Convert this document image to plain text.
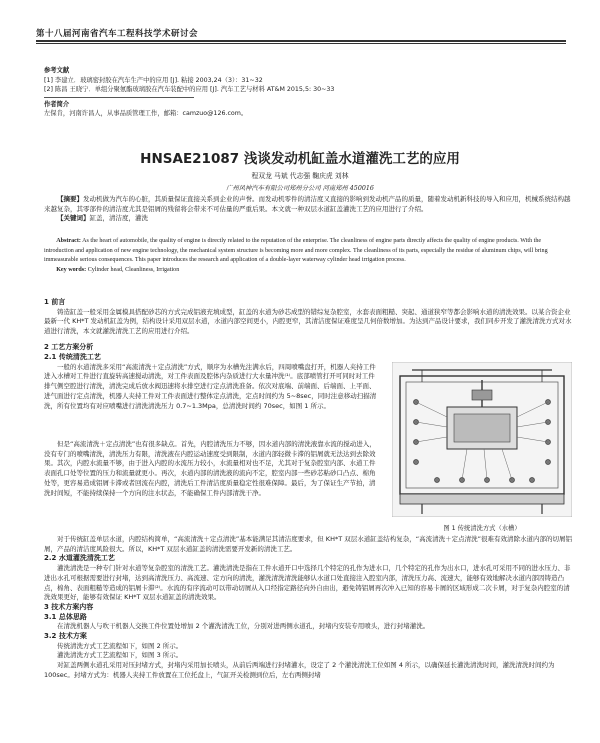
第十八届河南省汽车工程科技学术研讨会
参考文献
[1] 李建立．玻璃密封胶在汽车生产中的应用 [J]. 粘接 2003,24（3）：31~32
[2] 陈昌 王晓宁．单组分聚氨酯玻璃胶在汽车装配中的应用 [J]. 汽车工艺与材料 AT&M 2015,5: 30~33
作者简介
左保肯，河南许昌人，从事品质管理工作，邮箱：camzuo@126.com。
HNSAE21087 浅谈发动机缸盖水道灌洗工艺的应用
程双龙 马斌 代志强 鞠庆虎 刘林
广州风神汽车有限公司郑州分公司 河南郑州 450016

【摘要】发动机做为汽车的心脏，其质量保证直接关系到企业的声誉。而发动机零件的清洁度又直接的影响到发动机产品的质量，随着发动机新科技的导入和应用，机械系统结构越来越复杂，其零部件的清洁度尤其是铝屑的残留将会带来不可估量的严重后果。本文就一种双层水道缸盖灌洗工艺的应用进行了介绍。

【关键词】缸盖，清洁度，灌洗

Abstract: As the heart of automobile, the quality of engine is directly related to the reputation of the enterprise. The cleanliness of engine parts directly affects the quality of engine products. With the introduction and application of new engine technology, the mechanical system structure is becoming more and more complex. The cleanliness of its parts, especially the residue of aluminum chips, will bring immeasurable serious consequences. This paper introduces the research and application of a double-layer waterway cylinder head irrigation process.

Key words: Cylinder head, Cleanliness, Irrigation

1 前言

铸造缸盖一般采用金属模具搭配砂芯的方式完成铝液充填成型，缸盖的水道为砂芯成型的错综复杂腔室，水套表面粗糙、突起、通道狭窄等都会影响水道的清洗效果。以某合资企业最新一代 KH*T 发动机缸盖为例，结构设计采用双层水道，水道内部空间更小，内腔更窄，其清洁度保证难度呈几何倍数增加。为达到产品设计要求，我们同步开发了灌洗清洗方式对水道进行清洗，本文就灌洗清洗工艺的应用进行介绍。

2 工艺方案分析

2.1 传统清洗工艺

一般的水道清洗多采用“高流清洗＋定点清洗”方式，顺序为水槽先注满水后，四周喷嘴盘打开，机器人夹持工件进入水槽对工件进行直旋转高速搅动清洗，对工件表面及腔体内杂质进行大水量冲洗⁽¹⁾。底部喷管打开可同时对工件排气侧空腔进行清洗，清洗完成后放水阀迅速将水排空进行定点清洗准备。依次对底端、前端面、后端面、上平面、进气面进行定点清洗，机器人夹持工件对工件表面进行整体定点清洗，定点时间约为 5~8sec，同时注意移动扫描清洗，所有位置均有对应喷嘴进行清洗清洗压力 0.7~1.3Mpa，总清洗时间约 70sec，如图 1 所示。

图 1 传统清洗方式（水槽）

但是“高流清洗＋定点清洗”也有很多缺点。首先，内腔清洗压力不够，因水道内部的清洗液靠水流的搅动进入，没有专门的喷嘴清洗，清洗压力有限，清洗液在内腔运动速度受到限制，水道内部轻微卡滞的铝屑就无法达到去除效果。其次，内腔水流量不够，由于进入内腔的水流压力较小，水流量相对也不足，尤其对于复杂腔室内部、水道工件表面孔口处等位置的压力和流量就更小。再次，水道内部的清洗液的流向不定，腔室内部一些砂芯粘砂口凸点、棉角处等，更容易造成铝屑卡滞或者回流在内腔，清洗后工件清洁度质量稳定性很难保障。最后，为了保证生产节拍，清洗时间短，不能持续保持一个方向的注水状态，不能确保工件内部清洗干净。

对于传统缸盖单层水道，内腔结构简单，“高流清洗＋定点清洗”基本能满足其清洁度要求，但 KH*T 双层水道缸盖结构复杂，“高流清洗＋定点清洗”很难有效清除水道内部的切屑铝屑，产品的清洁度风险很大。所以，KH*T 双层水道缸盖的清洗需要开发新的清洗工艺。

2.2 水道灌洗清洗工艺

灌洗清洗是一种专门针对水道等复杂腔室的清洗工艺。灌洗清洗是指在工件水道开口中选择几个特定的孔作为进水口，几个特定的孔作为出水口，进水孔可采用不同的进水压力、非进出水孔可根据需要进行封堵，达到高清洗压力、高流速、定方向的清洗，灌洗清洗清洗能够认水道口处直接注入腔室内部，清洗压力高、流速大，能够有效地解决水道内部因铸造凸点，棉角、表面粗糙等造成的铝屑卡滞⁽²⁾。水流的有序流动可以带动切屑从入口经指定路径向外自由出，避免铸铝屑再次冲入已知的容易卡屑的区域形成二次卡屑，对于复杂内腔室的清洗效果更好，能够有效保证 KH*T 双层水道缸盖的清洗效果。

3 技术方案内容

3.1 总体思路

在清洗机器人与吹干机器人交换工件位置处增加 2 个灌洗清洗工位，分别对进两侧水道孔，封堵内安装专用喷头，进行封堵灌洗。

3.2 技术方案

传统清洗方式工艺流程如下，如图 2 所示。

灌洗清洗方式工艺流程如下，如图 3 所示。

对缸盖两侧水道孔采用对压封堵方式，封堵内采用加长喷头，从前后两端进行封堵灌水，设定了 2 个灌洗清洗工位如图 4 所示，以确保延长灌洗清洗时间，灌洗清洗时间约为 100sec。封堵方式为：机器人夹持工件放置在工位托盘上，气缸开关检测到位后，左右两侧封堵
